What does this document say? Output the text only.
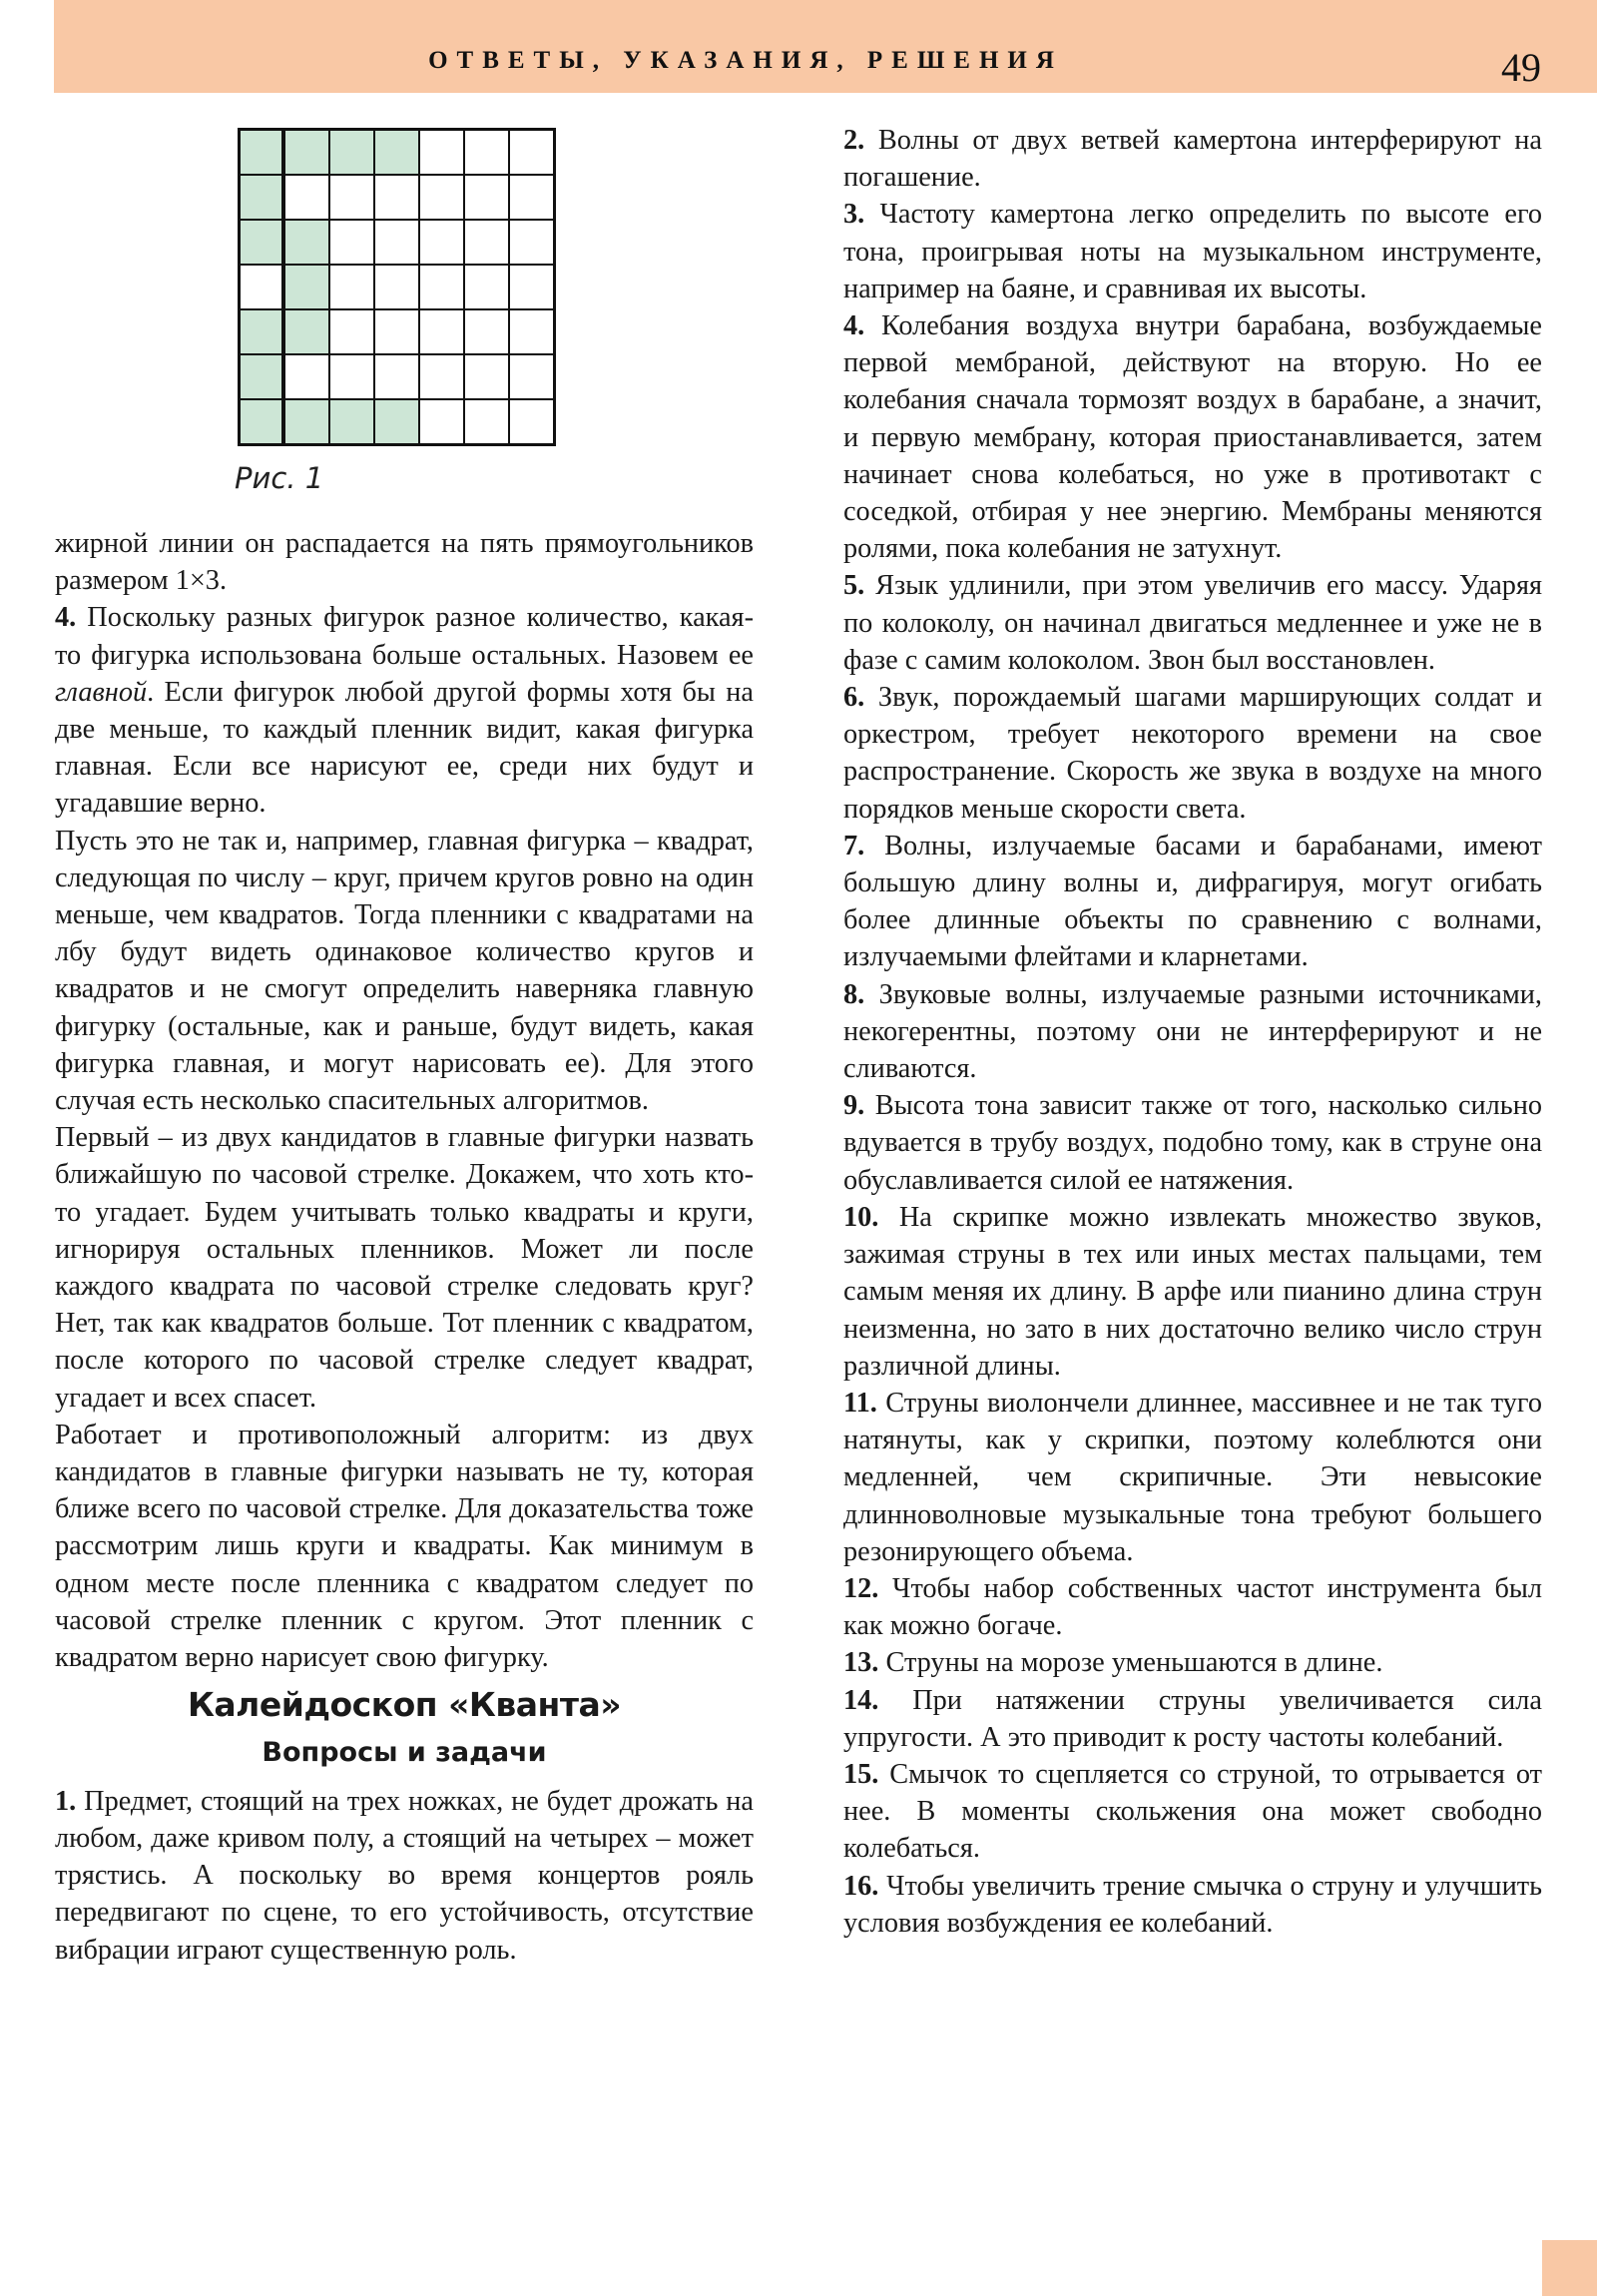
ОТВЕТЫ, УКАЗАНИЯ, РЕШЕНИЯ	49
Рис. 1

жирной линии он распадается на пять прямоугольников размером 1×3.

4. Поскольку разных фигурок разное количество, какая-то фигурка использована больше остальных. Назовем ее главной. Если фигурок любой другой формы хотя бы на две меньше, то каждый пленник видит, какая фигурка главная. Если все нарисуют ее, среди них будут и угадавшие верно.

Пусть это не так и, например, главная фигурка – квадрат, следующая по числу – круг, причем кругов ровно на один меньше, чем квадратов. Тогда пленники с квадратами на лбу будут видеть одинаковое количество кругов и квадратов и не смогут определить наверняка главную фигурку (остальные, как и раньше, будут видеть, какая фигурка главная, и могут нарисовать ее). Для этого случая есть несколько спасительных алгоритмов.

Первый – из двух кандидатов в главные фигурки назвать ближайшую по часовой стрелке. Докажем, что хоть кто-то угадает. Будем учитывать только квадраты и круги, игнорируя остальных пленников. Может ли после каждого квадрата по часовой стрелке следовать круг? Нет, так как квадратов больше. Тот пленник с квадратом, после которого по часовой стрелке следует квадрат, угадает и всех спасет.

Работает и противоположный алгоритм: из двух кандидатов в главные фигурки называть не ту, которая ближе всего по часовой стрелке. Для доказательства тоже рассмотрим лишь круги и квадраты. Как минимум в одном месте после пленника с квадратом следует по часовой стрелке пленник с кругом. Этот пленник с квадратом верно нарисует свою фигурку.

Калейдоскоп «Кванта»
Вопросы и задачи

1. Предмет, стоящий на трех ножках, не будет дрожать на любом, даже кривом полу, а стоящий на четырех – может трястись. А поскольку во время концертов рояль передвигают по сцене, то его устойчивость, отсутствие вибрации играют существенную роль.

2. Волны от двух ветвей камертона интерферируют на погашение.

3. Частоту камертона легко определить по высоте его тона, проигрывая ноты на музыкальном инструменте, например на баяне, и сравнивая их высоты.

4. Колебания воздуха внутри барабана, возбуждаемые первой мембраной, действуют на вторую. Но ее колебания сначала тормозят воздух в барабане, а значит, и первую мембрану, которая приостанавливается, затем начинает снова колебаться, но уже в противотакт с соседкой, отбирая у нее энергию. Мембраны меняются ролями, пока колебания не затухнут.

5. Язык удлинили, при этом увеличив его массу. Ударяя по колоколу, он начинал двигаться медленнее и уже не в фазе с самим колоколом. Звон был восстановлен.

6. Звук, порождаемый шагами марширующих солдат и оркестром, требует некоторого времени на свое распространение. Скорость же звука в воздухе на много порядков меньше скорости света.

7. Волны, излучаемые басами и барабанами, имеют большую длину волны и, дифрагируя, могут огибать более длинные объекты по сравнению с волнами, излучаемыми флейтами и кларнетами.

8. Звуковые волны, излучаемые разными источниками, некогерентны, поэтому они не интерферируют и не сливаются.

9. Высота тона зависит также от того, насколько сильно вдувается в трубу воздух, подобно тому, как в струне она обуславливается силой ее натяжения.

10. На скрипке можно извлекать множество звуков, зажимая струны в тех или иных местах пальцами, тем самым меняя их длину. В арфе или пианино длина струн неизменна, но зато в них достаточно велико число струн различной длины.

11. Струны виолончели длиннее, массивнее и не так туго натянуты, как у скрипки, поэтому колеблются они медленней, чем скрипичные. Эти невысокие длинноволновые музыкальные тона требуют большего резонирующего объема.

12. Чтобы набор собственных частот инструмента был как можно богаче.

13. Струны на морозе уменьшаются в длине.

14. При натяжении струны увеличивается сила упругости. А это приводит к росту частоты колебаний.

15. Смычок то сцепляется со струной, то отрывается от нее. В моменты скольжения она может свободно колебаться.

16. Чтобы увеличить трение смычка о струну и улучшить условия возбуждения ее колебаний.
